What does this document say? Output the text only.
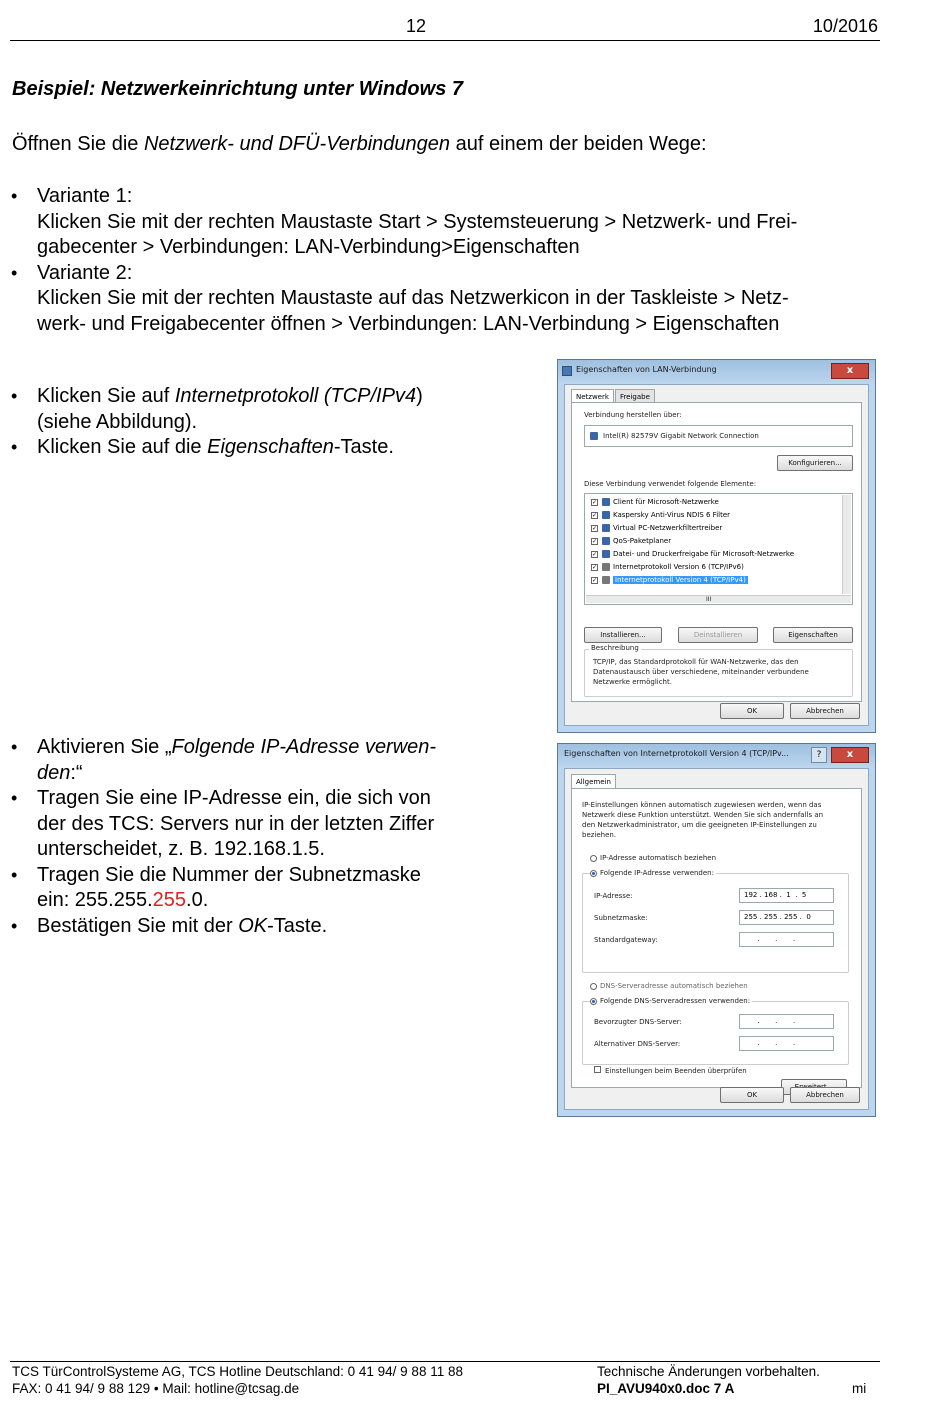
12	10/2016
Beispiel: Netzwerkeinrichtung unter Windows 7
Öffnen Sie die Netzwerk- und DFÜ-Verbindungen auf einem der beiden Wege:
• Variante 1:
Klicken Sie mit der rechten Maustaste Start > Systemsteuerung > Netzwerk- und Frei-
gabecenter > Verbindungen: LAN-Verbindung>Eigenschaften
• Variante 2:
Klicken Sie mit der rechten Maustaste auf das Netzwerkicon in der Taskleiste > Netz-
werk- und Freigabecenter öffnen > Verbindungen: LAN-Verbindung > Eigenschaften
• Klicken Sie auf Internetprotokoll (TCP/IPv4)
(siehe Abbildung).
• Klicken Sie auf die Eigenschaften-Taste.
• Aktivieren Sie „Folgende IP-Adresse verwen-
den:“
• Tragen Sie eine IP-Adresse ein, die sich von
der des TCS: Servers nur in der letzten Ziffer
unterscheidet, z. B. 192.168.1.5.
• Tragen Sie die Nummer der Subnetzmaske
ein: 255.255.255.0.
• Bestätigen Sie mit der OK-Taste.
Eigenschaften von LAN-Verbindung	x
Netzwerk	Freigabe
Verbindung herstellen über:
Intel(R) 82579V Gigabit Network Connection
Konfigurieren...
Diese Verbindung verwendet folgende Elemente:
✓ Client für Microsoft-Netzwerke
✓ Kaspersky Anti-Virus NDIS 6 Filter
✓ Virtual PC-Netzwerkfiltertreiber
✓ QoS-Paketplaner
✓ Datei- und Druckerfreigabe für Microsoft-Netzwerke
✓ Internetprotokoll Version 6 (TCP/IPv6)
✓	Internetprotokoll Version 4 (TCP/IPv4)
III
Installieren...	Deinstallieren	Eigenschaften
Beschreibung
TCP/IP, das Standardprotokoll für WAN-Netzwerke, das den
Datenaustausch über verschiedene, miteinander verbundene
Netzwerke ermöglicht.
OK	Abbrechen
Eigenschaften von Internetprotokoll Version 4 (TCP/IPv...	?	x
Allgemein
IP-Einstellungen können automatisch zugewiesen werden, wenn das
Netzwerk diese Funktion unterstützt. Wenden Sie sich andernfalls an
den Netzwerkadministrator, um die geeigneten IP-Einstellungen zu
beziehen.
IP-Adresse automatisch beziehen
Folgende IP-Adresse verwenden:
IP-Adresse:	192 . 168 .  1  .  5
Subnetzmaske:	255 . 255 . 255 .  0
Standardgateway:	.       .       .
DNS-Serveradresse automatisch beziehen
Folgende DNS-Serveradressen verwenden:
Bevorzugter DNS-Server:	.       .       .
Alternativer DNS-Server:	.       .       .
Einstellungen beim Beenden überprüfen
OK	Abbrechen
TCS TürControlSysteme AG, TCS Hotline Deutschland: 0 41 94/ 9 88 11 88
FAX: 0 41 94/ 9 88 129 • Mail: hotline@tcsag.de
Technische Änderungen vorbehalten.
PI_AVU940x0.doc 7 A	mi
